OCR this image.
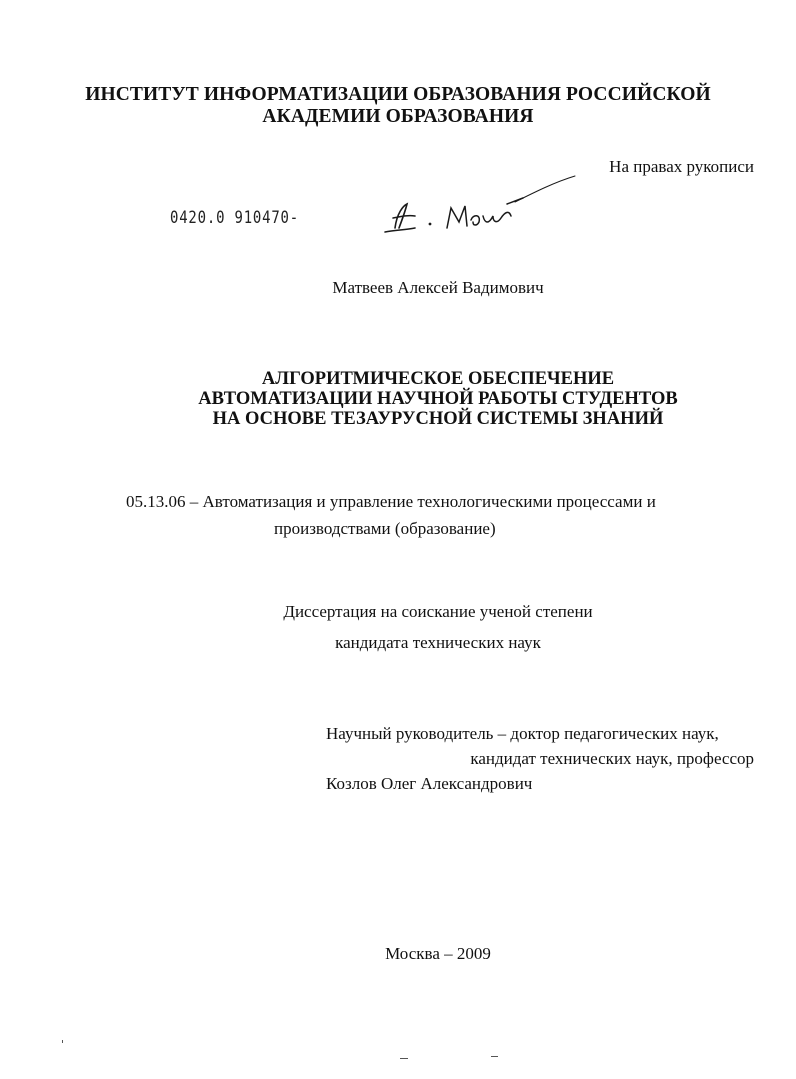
ИНСТИТУТ ИНФОРМАТИЗАЦИИ ОБРАЗОВАНИЯ РОССИЙСКОЙ
АКАДЕМИИ ОБРАЗОВАНИЯ
На правах рукописи
0420.0 910470-
Матвеев Алексей Вадимович
АЛГОРИТМИЧЕСКОЕ ОБЕСПЕЧЕНИЕ
АВТОМАТИЗАЦИИ НАУЧНОЙ РАБОТЫ СТУДЕНТОВ
НА ОСНОВЕ ТЕЗАУРУСНОЙ СИСТЕМЫ ЗНАНИЙ
05.13.06 – Автоматизация и управление технологическими процессами и
производствами (образование)
Диссертация на соискание ученой степени
кандидата технических наук
Научный руководитель – доктор педагогических наук,
кандидат технических наук, профессор
Козлов Олег Александрович
Москва – 2009
